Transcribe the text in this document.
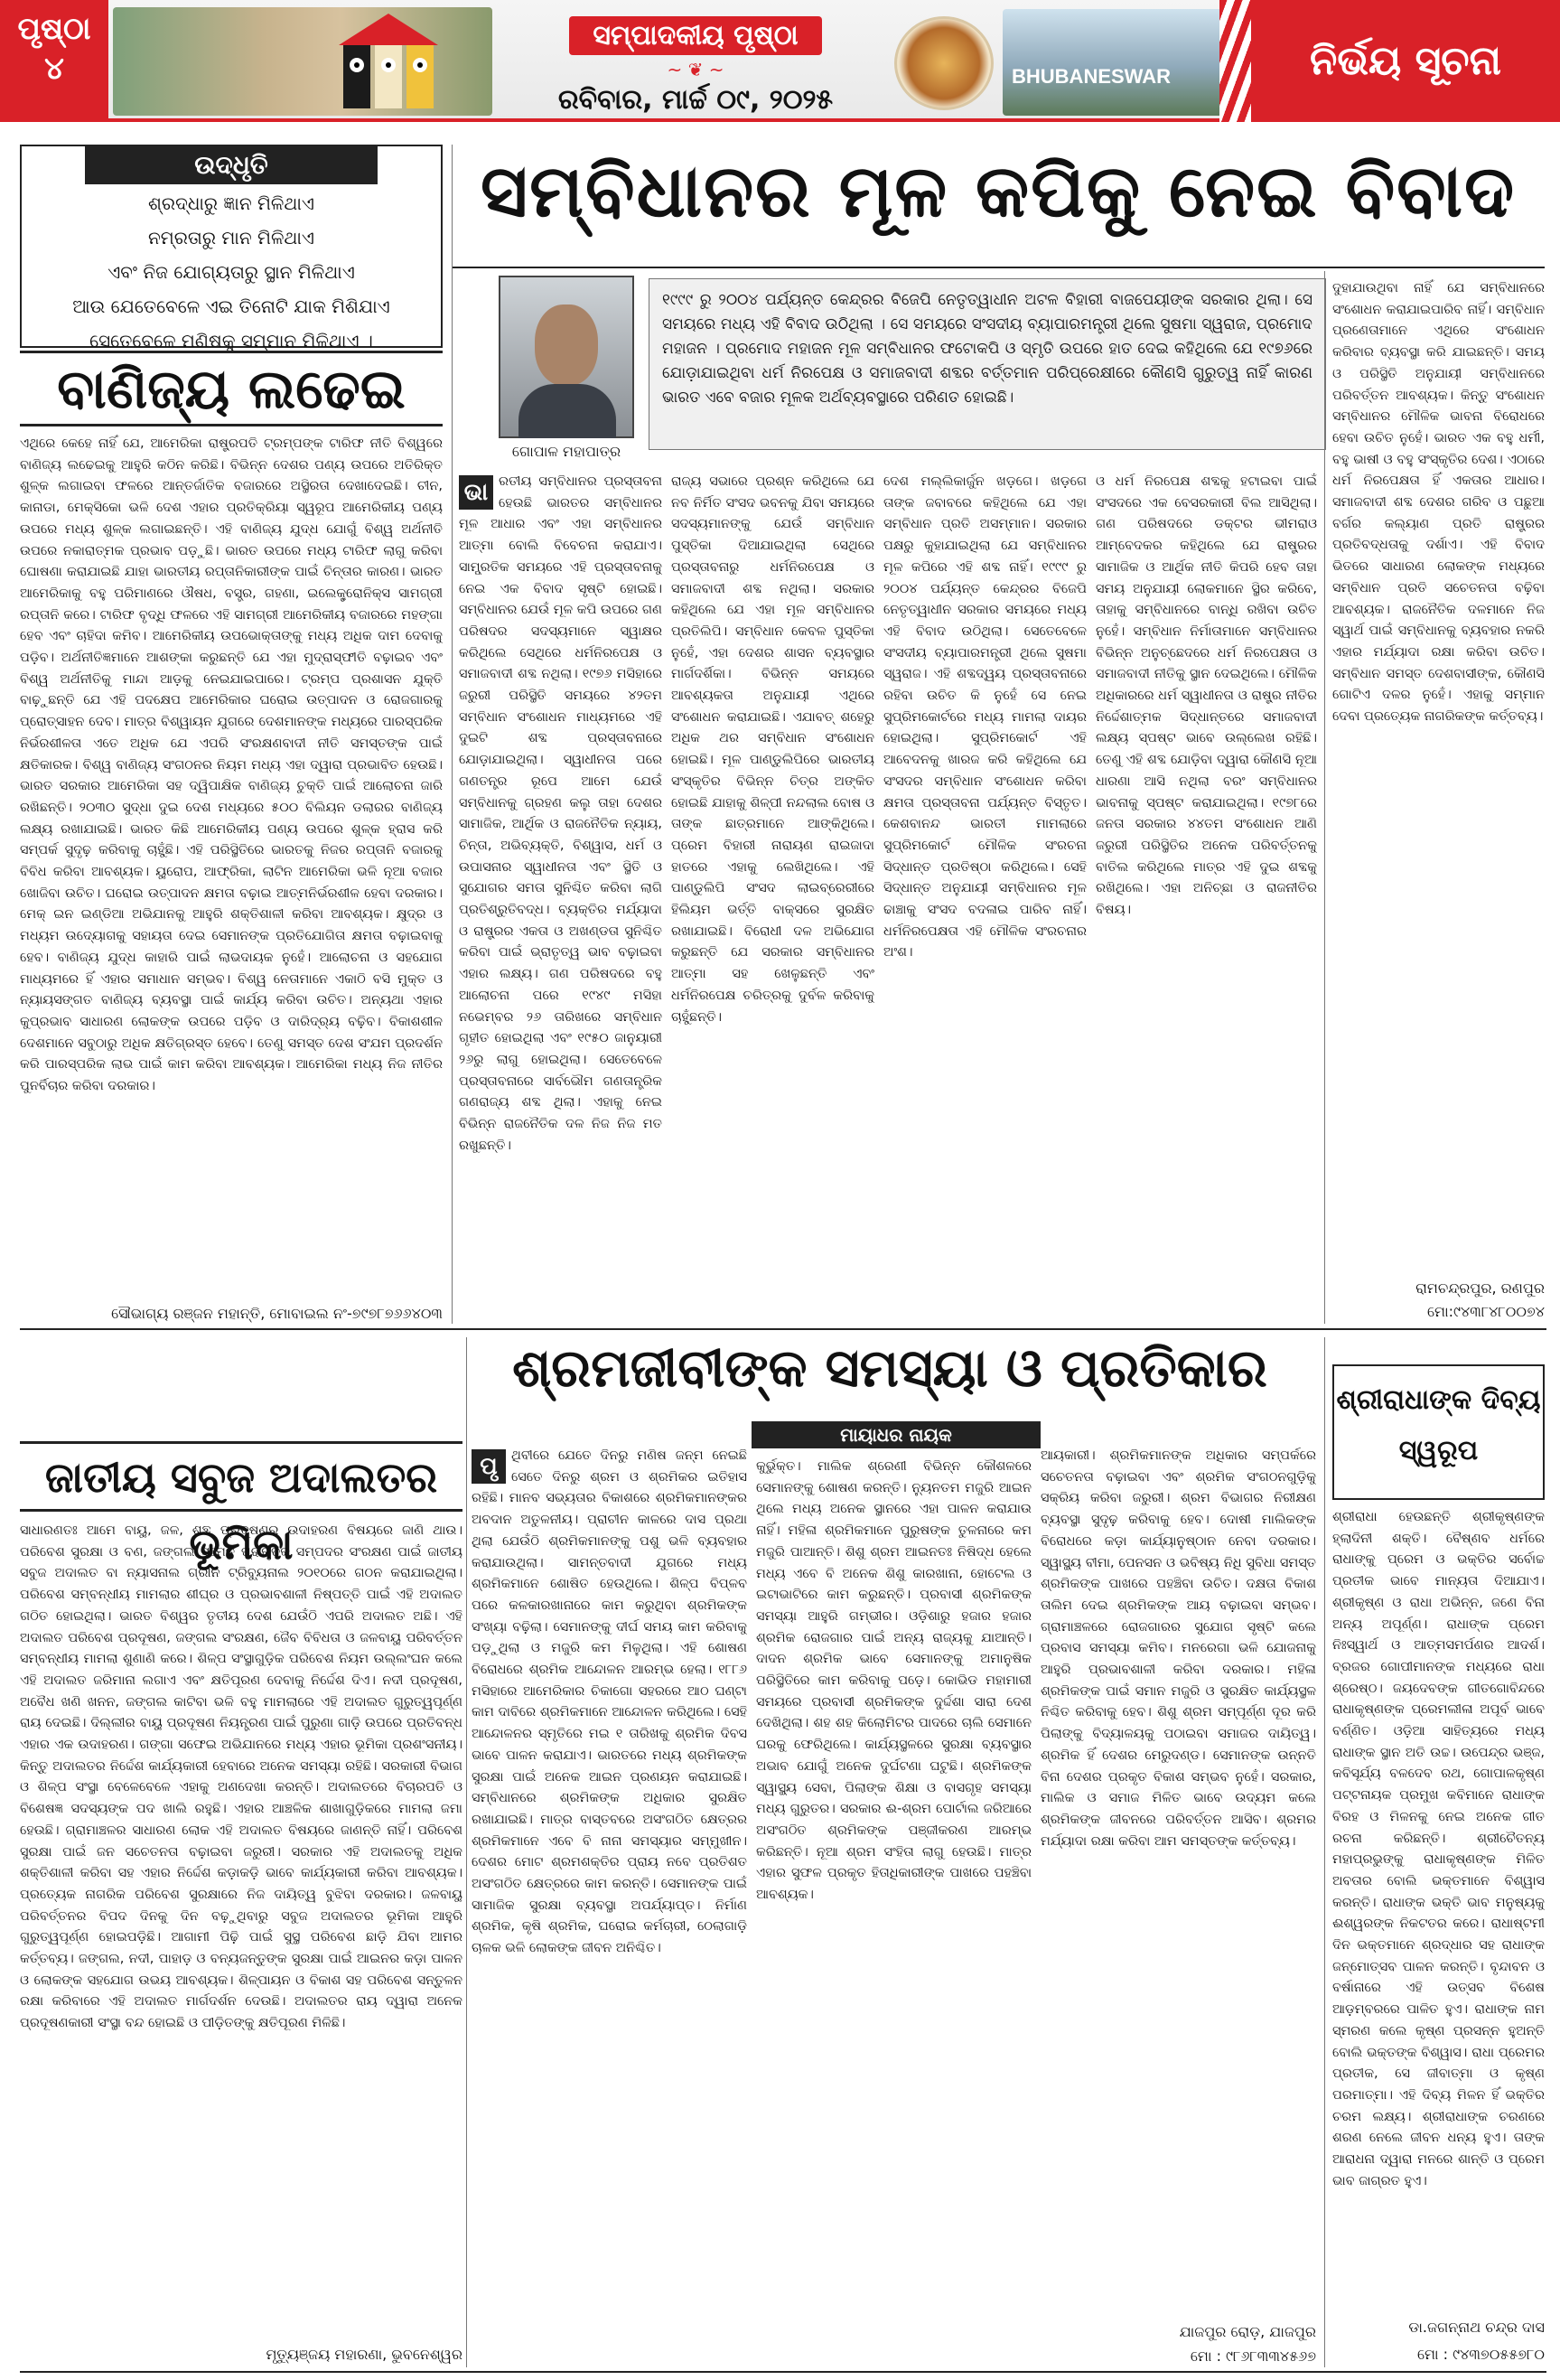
ପୃଷ୍ଠା
୪
ସମ୍ପାଦକୀୟ ପୃଷ୍ଠା
~ ❦ ~
ରବିବାର, ମାର୍ଚ୍ଚ ୦୯, ୨୦୨୫
BHUBANESWAR	ନିର୍ଭୟ ସୂଚନା
ଉଦ୍ଧୃତି
ଶ୍ରଦ୍ଧାରୁ ଜ୍ଞାନ ମିଳିଥାଏ
ନମ୍ରତାରୁ ମାନ ମିଳିଥାଏ
ଏବଂ ନିଜ ଯୋଗ୍ୟତାରୁ ସ୍ଥାନ ମିଳିଥାଏ
ଆଉ ଯେତେବେଳେ ଏଇ ତିନୋଟି ଯାକ ମିଶିଯାଏ
ସେତେବେଳେ ମଣିଷକୁ ସମ୍ମାନ ମିଳିଥାଏ ।
ସମ୍ବିଧାନର ମୂଳ କପିକୁ ନେଇ ବିବାଦ
ବାଣିଜ୍ୟ ଲଢେଇ

ଏଥିରେ କେହେ ନାହିଁ ଯେ, ଆମେରିକା ରାଷ୍ଟ୍ରପତି ଟ୍ରମ୍ପଙ୍କ ଟାରିଫ ନୀତି ବିଶ୍ୱରେ ବାଣିଜ୍ୟ ଲଢେଇକୁ ଆହୁରି କଠିନ କରିଛି। ବିଭିନ୍ନ ଦେଶର ପଣ୍ୟ ଉପରେ ଅତିରିକ୍ତ ଶୁଳ୍କ ଲଗାଇବା ଫଳରେ ଆନ୍ତର୍ଜାତିକ ବଜାରରେ ଅସ୍ଥିରତା ଦେଖାଦେଇଛି। ଚୀନ, କାନାଡା, ମେକ୍ସିକୋ ଭଳି ଦେଶ ଏହାର ପ୍ରତିକ୍ରିୟା ସ୍ୱରୂପ ଆମେରିକୀୟ ପଣ୍ୟ ଉପରେ ମଧ୍ୟ ଶୁଳ୍କ ଲଗାଇଛନ୍ତି। ଏହି ବାଣିଜ୍ୟ ଯୁଦ୍ଧ ଯୋଗୁଁ ବିଶ୍ୱ ଅର୍ଥନୀତି ଉପରେ ନକାରାତ୍ମକ ପ୍ରଭାବ ପଡ଼ୁଛି। ଭାରତ ଉପରେ ମଧ୍ୟ ଟାରିଫ ଲାଗୁ କରିବା ଘୋଷଣା କରାଯାଇଛି ଯାହା ଭାରତୀୟ ରପ୍ତାନିକାରୀଙ୍କ ପାଇଁ ଚିନ୍ତାର କାରଣ। ଭାରତ ଆମେରିକାକୁ ବହୁ ପରିମାଣରେ ଔଷଧ, ବସ୍ତ୍ର, ଗହଣା, ଇଲେକ୍ଟ୍ରୋନିକ୍ସ ସାମଗ୍ରୀ ରପ୍ତାନି କରେ। ଟାରିଫ ବୃଦ୍ଧି ଫଳରେ ଏହି ସାମଗ୍ରୀ ଆମେରିକୀୟ ବଜାରରେ ମହଙ୍ଗା ହେବ ଏବଂ ଚାହିଦା କମିବ। ଆମେରିକୀୟ ଉପଭୋକ୍ତାଙ୍କୁ ମଧ୍ୟ ଅଧିକ ଦାମ ଦେବାକୁ ପଡ଼ିବ। ଅର୍ଥନୀତିଜ୍ଞମାନେ ଆଶଙ୍କା କରୁଛନ୍ତି ଯେ ଏହା ମୁଦ୍ରାସ୍ଫୀତି ବଢ଼ାଇବ ଏବଂ ବିଶ୍ୱ ଅର୍ଥନୀତିକୁ ମାନ୍ଦା ଆଡ଼କୁ ନେଇଯାଇପାରେ। ଟ୍ରମ୍ପ ପ୍ରଶାସନ ଯୁକ୍ତି ବାଢ଼ୁଛନ୍ତି ଯେ ଏହି ପଦକ୍ଷେପ ଆମେରିକାର ଘରୋଇ ଉତ୍ପାଦନ ଓ ରୋଜଗାରକୁ ପ୍ରୋତ୍ସାହନ ଦେବ। ମାତ୍ର ବିଶ୍ୱାୟନ ଯୁଗରେ ଦେଶମାନଙ୍କ ମଧ୍ୟରେ ପାରସ୍ପରିକ ନିର୍ଭରଶୀଳତା ଏତେ ଅଧିକ ଯେ ଏପରି ସଂରକ୍ଷଣବାଦୀ ନୀତି ସମସ୍ତଙ୍କ ପାଇଁ କ୍ଷତିକାରକ। ବିଶ୍ୱ ବାଣିଜ୍ୟ ସଂଗଠନର ନିୟମ ମଧ୍ୟ ଏହା ଦ୍ୱାରା ପ୍ରଭାବିତ ହେଉଛି। ଭାରତ ସରକାର ଆମେରିକା ସହ ଦ୍ୱିପାକ୍ଷିକ ବାଣିଜ୍ୟ ଚୁକ୍ତି ପାଇଁ ଆଲୋଚନା ଜାରି ରଖିଛନ୍ତି। ୨୦୩୦ ସୁଦ୍ଧା ଦୁଇ ଦେଶ ମଧ୍ୟରେ ୫୦୦ ବିଲିୟନ ଡଲାରର ବାଣିଜ୍ୟ ଲକ୍ଷ୍ୟ ରଖାଯାଇଛି। ଭାରତ କିଛି ଆମେରିକୀୟ ପଣ୍ୟ ଉପରେ ଶୁଳ୍କ ହ୍ରାସ କରି ସମ୍ପର୍କ ସୁଦୃଢ଼ କରିବାକୁ ଚାହୁଁଛି। ଏହି ପରିସ୍ଥିତିରେ ଭାରତକୁ ନିଜର ରପ୍ତାନି ବଜାରକୁ ବିବିଧ କରିବା ଆବଶ୍ୟକ। ୟୁରୋପ, ଆଫ୍ରିକା, ଲାଟିନ ଆମେରିକା ଭଳି ନୂଆ ବଜାର ଖୋଜିବା ଉଚିତ। ଘରୋଇ ଉତ୍ପାଦନ କ୍ଷମତା ବଢ଼ାଇ ଆତ୍ମନିର୍ଭରଶୀଳ ହେବା ଦରକାର। ମେକ୍ ଇନ ଇଣ୍ଡିଆ ଅଭିଯାନକୁ ଆହୁରି ଶକ୍ତିଶାଳୀ କରିବା ଆବଶ୍ୟକ। କ୍ଷୁଦ୍ର ଓ ମଧ୍ୟମ ଉଦ୍ୟୋଗକୁ ସହାୟତା ଦେଇ ସେମାନଙ୍କ ପ୍ରତିଯୋଗିତା କ୍ଷମତା ବଢ଼ାଇବାକୁ ହେବ। ବାଣିଜ୍ୟ ଯୁଦ୍ଧ କାହାରି ପାଇଁ ଲାଭଦାୟକ ନୁହେଁ। ଆଲୋଚନା ଓ ସହଯୋଗ ମାଧ୍ୟମରେ ହିଁ ଏହାର ସମାଧାନ ସମ୍ଭବ। ବିଶ୍ୱ ନେତାମାନେ ଏକାଠି ବସି ମୁକ୍ତ ଓ ନ୍ୟାୟସଙ୍ଗତ ବାଣିଜ୍ୟ ବ୍ୟବସ୍ଥା ପାଇଁ କାର୍ଯ୍ୟ କରିବା ଉଚିତ। ଅନ୍ୟଥା ଏହାର କୁପ୍ରଭାବ ସାଧାରଣ ଲୋକଙ୍କ ଉପରେ ପଡ଼ିବ ଓ ଦାରିଦ୍ର୍ୟ ବଢ଼ିବ। ବିକାଶଶୀଳ ଦେଶମାନେ ସବୁଠାରୁ ଅଧିକ କ୍ଷତିଗ୍ରସ୍ତ ହେବେ। ତେଣୁ ସମସ୍ତ ଦେଶ ସଂଯମ ପ୍ରଦର୍ଶନ କରି ପାରସ୍ପରିକ ଲାଭ ପାଇଁ କାମ କରିବା ଆବଶ୍ୟକ। ଆମେରିକା ମଧ୍ୟ ନିଜ ନୀତିର ପୁନର୍ବିଚାର କରିବା ଦରକାର।

ସୌଭାଗ୍ୟ ରଞ୍ଜନ ମହାନ୍ତି, ମୋବାଇଲ ନଂ-୭୯୭୮୭୬୬୪୦୩
ଗୋପାଳ ମହାପାତ୍ର
୧୯୯୯ ରୁ ୨୦୦୪ ପର୍ଯ୍ୟନ୍ତ କେନ୍ଦ୍ରର ବିଜେପି ନେତୃତ୍ୱାଧୀନ ଅଟଳ ବିହାରୀ ବାଜପେୟୀଙ୍କ ସରକାର ଥିଲା। ସେ ସମୟରେ ମଧ୍ୟ ଏହି ବିବାଦ ଉଠିଥିଲା । ସେ ସମୟରେ ସଂସଦୀୟ ବ୍ୟାପାରମନ୍ତ୍ରୀ ଥିଲେ ସୁଷମା ସ୍ୱରାଜ, ପ୍ରମୋଦ ମହାଜନ । ପ୍ରମୋଦ ମହାଜନ ମୂଳ ସମ୍ବିଧାନର ଫଟୋକପି ଓ ସ୍ମୃତି ଉପରେ ହାତ ଦେଇ କହିଥିଲେ ଯେ ୧୯୭୬ରେ ଯୋଡ଼ାଯାଇଥିବା ଧର୍ମ ନିରପେକ୍ଷ ଓ ସମାଜବାଦୀ ଶବ୍ଦର ବର୍ତ୍ତମାନ ପରିପ୍ରେକ୍ଷୀରେ କୌଣସି ଗୁରୁତ୍ୱ ନାହିଁ କାରଣ ଭାରତ ଏବେ ବଜାର ମୂଳକ ଅର୍ଥବ୍ୟବସ୍ଥାରେ ପରିଣତ ହୋଇଛି।
ଭା ରତୀୟ ସମ୍ବିଧାନର ପ୍ରସ୍ତାବନା ହେଉଛି ଭାରତର ସମ୍ବିଧାନର ମୂଳ ଆଧାର ଏବଂ ଏହା ସମ୍ବିଧାନର ଆତ୍ମା ବୋଲି ବିବେଚନା କରାଯାଏ। ସାମ୍ପ୍ରତିକ ସମୟରେ ଏହି ପ୍ରସ୍ତାବନାକୁ ନେଇ ଏକ ବିବାଦ ସୃଷ୍ଟି ହୋଇଛି। ସମ୍ବିଧାନର ଯେଉଁ ମୂଳ କପି ଉପରେ ଗଣ ପରିଷଦର ସଦସ୍ୟମାନେ ସ୍ୱାକ୍ଷର କରିଥିଲେ ସେଥିରେ ଧର୍ମନିରପେକ୍ଷ ଓ ସମାଜବାଦୀ ଶବ୍ଦ ନଥିଲା। ୧୯୭୬ ମସିହାରେ ଜରୁରୀ ପରିସ୍ଥିତି ସମୟରେ ୪୨ତମ ସମ୍ବିଧାନ ସଂଶୋଧନ ମାଧ୍ୟମରେ ଏହି ଦୁଇଟି ଶବ୍ଦ ପ୍ରସ୍ତାବନାରେ ଯୋଡ଼ାଯାଇଥିଲା। ସ୍ୱାଧୀନତା ପରେ ଗଣତନ୍ତ୍ର ରୂପେ ଆମେ ଯେଉଁ ସମ୍ବିଧାନକୁ ଗ୍ରହଣ କଲୁ ତାହା ଦେଶର ସାମାଜିକ, ଆର୍ଥିକ ଓ ରାଜନୈତିକ ନ୍ୟାୟ, ଚିନ୍ତା, ଅଭିବ୍ୟକ୍ତି, ବିଶ୍ୱାସ, ଧର୍ମ ଓ ଉପାସନାର ସ୍ୱାଧୀନତା ଏବଂ ସ୍ଥିତି ଓ ସୁଯୋଗର ସମତା ସୁନିଶ୍ଚିତ କରିବା ଲାଗି ପ୍ରତିଶ୍ରୁତିବଦ୍ଧ। ବ୍ୟକ୍ତିର ମର୍ଯ୍ୟାଦା ଓ ରାଷ୍ଟ୍ରର ଏକତା ଓ ଅଖଣ୍ଡତା ସୁନିଶ୍ଚିତ କରିବା ପାଇଁ ଭ୍ରାତୃତ୍ୱ ଭାବ ବଢ଼ାଇବା ଏହାର ଲକ୍ଷ୍ୟ। ଗଣ ପରିଷଦରେ ବହୁ ଆଲୋଚନା ପରେ ୧୯୪୯ ମସିହା ନଭେମ୍ବର ୨୬ ତାରିଖରେ ସମ୍ବିଧାନ ଗୃହୀତ ହୋଇଥିଲା ଏବଂ ୧୯୫୦ ଜାନୁୟାରୀ ୨୬ରୁ ଲାଗୁ ହୋଇଥିଲା। ସେତେବେଳେ ପ୍ରସ୍ତାବନାରେ ସାର୍ବଭୌମ ଗଣତାନ୍ତ୍ରିକ ଗଣରାଜ୍ୟ ଶବ୍ଦ ଥିଲା। ଏହାକୁ ନେଇ ବିଭିନ୍ନ ରାଜନୈତିକ ଦଳ ନିଜ ନିଜ ମତ ରଖୁଛନ୍ତି।

ରାଜ୍ୟ ସଭାରେ ପ୍ରଶ୍ନ କରିଥିଲେ ଯେ ନବ ନିର୍ମିତ ସଂସଦ ଭବନକୁ ଯିବା ସମୟରେ ସଦସ୍ୟମାନଙ୍କୁ ଯେଉଁ ସମ୍ବିଧାନ ପୁସ୍ତିକା ଦିଆଯାଇଥିଲା ସେଥିରେ ପ୍ରସ୍ତାବନାରୁ ଧର୍ମନିରପେକ୍ଷ ଓ ସମାଜବାଦୀ ଶବ୍ଦ ନଥିଲା। ସରକାର କହିଥିଲେ ଯେ ଏହା ମୂଳ ସମ୍ବିଧାନର ପ୍ରତିଲିପି। ସମ୍ବିଧାନ କେବଳ ପୁସ୍ତିକା ନୁହେଁ, ଏହା ଦେଶର ଶାସନ ବ୍ୟବସ୍ଥାର ମାର୍ଗଦର୍ଶିକା। ବିଭିନ୍ନ ସମୟରେ ଆବଶ୍ୟକତା ଅନୁଯାୟୀ ଏଥିରେ ସଂଶୋଧନ କରାଯାଇଛି। ଏଯାବତ୍ ଶହେରୁ ଅଧିକ ଥର ସମ୍ବିଧାନ ସଂଶୋଧନ ହୋଇଛି। ମୂଳ ପାଣ୍ଡୁଲିପିରେ ଭାରତୀୟ ସଂସ୍କୃତିର ବିଭିନ୍ନ ଚିତ୍ର ଅଙ୍କିତ ହୋଇଛି ଯାହାକୁ ଶିଳ୍ପୀ ନନ୍ଦଲାଲ ବୋଷ ଓ ତାଙ୍କ ଛାତ୍ରମାନେ ଆଙ୍କିଥିଲେ। ପ୍ରେମ ବିହାରୀ ନାରାୟଣ ରାଇଜାଦା ହାତରେ ଏହାକୁ ଲେଖିଥିଲେ। ଏହି ପାଣ୍ଡୁଲିପି ସଂସଦ ଲାଇବ୍ରେରୀରେ ହିଲିୟମ ଭର୍ତ୍ତି ବାକ୍ସରେ ସୁରକ୍ଷିତ ରଖାଯାଇଛି। ବିରୋଧୀ ଦଳ ଅଭିଯୋଗ କରୁଛନ୍ତି ଯେ ସରକାର ସମ୍ବିଧାନର ଆତ୍ମା ସହ ଖେଳୁଛନ୍ତି ଏବଂ ଧର୍ମନିରପେକ୍ଷ ଚରିତ୍ରକୁ ଦୁର୍ବଳ କରିବାକୁ ଚାହୁଁଛନ୍ତି।

ଦେଶ ମଲ୍ଲିକାର୍ଜୁନ ଖଡ଼ଗେ। ଖଡ଼ଗେ ତାଙ୍କ ଜବାବରେ କହିଥିଲେ ଯେ ଏହା ସମ୍ବିଧାନ ପ୍ରତି ଅସମ୍ମାନ। ସରକାର ପକ୍ଷରୁ କୁହାଯାଇଥିଲା ଯେ ସମ୍ବିଧାନର ମୂଳ କପିରେ ଏହି ଶବ୍ଦ ନାହିଁ। ୧୯୯୯ ରୁ ୨୦୦୪ ପର୍ଯ୍ୟନ୍ତ କେନ୍ଦ୍ରର ବିଜେପି ନେତୃତ୍ୱାଧୀନ ସରକାର ସମୟରେ ମଧ୍ୟ ଏହି ବିବାଦ ଉଠିଥିଲା। ସେତେବେଳେ ସଂସଦୀୟ ବ୍ୟାପାରମନ୍ତ୍ରୀ ଥିଲେ ସୁଷମା ସ୍ୱରାଜ। ଏହି ଶବ୍ଦଦ୍ୱୟ ପ୍ରସ୍ତାବନାରେ ରହିବା ଉଚିତ କି ନୁହେଁ ସେ ନେଇ ସୁପ୍ରିମକୋର୍ଟରେ ମଧ୍ୟ ମାମଲା ଦାୟର ହୋଇଥିଲା। ସୁପ୍ରିମକୋର୍ଟ ଏହି ଆବେଦନକୁ ଖାରଜ କରି କହିଥିଲେ ଯେ ସଂସଦର ସମ୍ବିଧାନ ସଂଶୋଧନ କରିବା କ୍ଷମତା ପ୍ରସ୍ତାବନା ପର୍ଯ୍ୟନ୍ତ ବିସ୍ତୃତ। କେଶବାନନ୍ଦ ଭାରତୀ ମାମଲାରେ ସୁପ୍ରିମକୋର୍ଟ ମୌଳିକ ସଂରଚନା ସିଦ୍ଧାନ୍ତ ପ୍ରତିଷ୍ଠା କରିଥିଲେ। ସେହି ସିଦ୍ଧାନ୍ତ ଅନୁଯାୟୀ ସମ୍ବିଧାନର ମୂଳ ଢାଞ୍ଚାକୁ ସଂସଦ ବଦଳାଇ ପାରିବ ନାହିଁ। ଧର୍ମନିରପେକ୍ଷତା ଏହି ମୌଳିକ ସଂରଚନାର ଅଂଶ।

ଓ ଧର୍ମ ନିରପେକ୍ଷ ଶବ୍ଦକୁ ହଟାଇବା ପାଇଁ ସଂସଦରେ ଏକ ବେସରକାରୀ ବିଲ ଆସିଥିଲା। ଗଣ ପରିଷଦରେ ଡକ୍ଟର ଭୀମରାଓ ଆମ୍ବେଦକର କହିଥିଲେ ଯେ ରାଷ୍ଟ୍ରର ସାମାଜିକ ଓ ଆର୍ଥିକ ନୀତି କିପରି ହେବ ତାହା ସମୟ ଅନୁଯାୟୀ ଲୋକମାନେ ସ୍ଥିର କରିବେ, ତାହାକୁ ସମ୍ବିଧାନରେ ବାନ୍ଧି ରଖିବା ଉଚିତ ନୁହେଁ। ସମ୍ବିଧାନ ନିର୍ମାତାମାନେ ସମ୍ବିଧାନର ବିଭିନ୍ନ ଅନୁଚ୍ଛେଦରେ ଧର୍ମ ନିରପେକ୍ଷତା ଓ ସମାଜବାଦୀ ନୀତିକୁ ସ୍ଥାନ ଦେଇଥିଲେ। ମୌଳିକ ଅଧିକାରରେ ଧର୍ମ ସ୍ୱାଧୀନତା ଓ ରାଷ୍ଟ୍ର ନୀତିର ନିର୍ଦ୍ଦେଶାତ୍ମକ ସିଦ୍ଧାନ୍ତରେ ସମାଜବାଦୀ ଲକ୍ଷ୍ୟ ସ୍ପଷ୍ଟ ଭାବେ ଉଲ୍ଲେଖ ରହିଛି। ତେଣୁ ଏହି ଶବ୍ଦ ଯୋଡ଼ିବା ଦ୍ୱାରା କୌଣସି ନୂଆ ଧାରଣା ଆସି ନଥିଲା ବରଂ ସମ୍ବିଧାନର ଭାବନାକୁ ସ୍ପଷ୍ଟ କରାଯାଇଥିଲା। ୧୯୭୮ରେ ଜନତା ସରକାର ୪୪ତମ ସଂଶୋଧନ ଆଣି ଜରୁରୀ ପରିସ୍ଥିତିର ଅନେକ ପରିବର୍ତ୍ତନକୁ ବାତିଲ କରିଥିଲେ ମାତ୍ର ଏହି ଦୁଇ ଶବ୍ଦକୁ ରଖିଥିଲେ। ଏହା ଅନିଚ୍ଛା ଓ ରାଜନୀତିର ବିଷୟ।

ଦୁହାଯାଉଥିବା ନାହିଁ ଯେ ସମ୍ବିଧାନରେ ସଂଶୋଧନ କରାଯାଇପାରିବ ନାହିଁ। ସମ୍ବିଧାନ ପ୍ରଣେତାମାନେ ଏଥିରେ ସଂଶୋଧନ କରିବାର ବ୍ୟବସ୍ଥା କରି ଯାଇଛନ୍ତି। ସମୟ ଓ ପରିସ୍ଥିତି ଅନୁଯାୟୀ ସମ୍ବିଧାନରେ ପରିବର୍ତ୍ତନ ଆବଶ୍ୟକ। କିନ୍ତୁ ସଂଶୋଧନ ସମ୍ବିଧାନର ମୌଳିକ ଭାବନା ବିରୋଧରେ ହେବା ଉଚିତ ନୁହେଁ। ଭାରତ ଏକ ବହୁ ଧର୍ମୀ, ବହୁ ଭାଷୀ ଓ ବହୁ ସଂସ୍କୃତିର ଦେଶ। ଏଠାରେ ଧର୍ମ ନିରପେକ୍ଷତା ହିଁ ଏକତାର ଆଧାର। ସମାଜବାଦୀ ଶବ୍ଦ ଦେଶର ଗରିବ ଓ ପଛୁଆ ବର୍ଗର କଲ୍ୟାଣ ପ୍ରତି ରାଷ୍ଟ୍ରର ପ୍ରତିବଦ୍ଧତାକୁ ଦର୍ଶାଏ। ଏହି ବିବାଦ ଭିତରେ ସାଧାରଣ ଲୋକଙ୍କ ମଧ୍ୟରେ ସମ୍ବିଧାନ ପ୍ରତି ସଚେତନତା ବଢ଼ିବା ଆବଶ୍ୟକ। ରାଜନୈତିକ ଦଳମାନେ ନିଜ ସ୍ୱାର୍ଥ ପାଇଁ ସମ୍ବିଧାନକୁ ବ୍ୟବହାର ନକରି ଏହାର ମର୍ଯ୍ୟାଦା ରକ୍ଷା କରିବା ଉଚିତ। ସମ୍ବିଧାନ ସମସ୍ତ ଦେଶବାସୀଙ୍କ, କୌଣସି ଗୋଟିଏ ଦଳର ନୁହେଁ। ଏହାକୁ ସମ୍ମାନ ଦେବା ପ୍ରତ୍ୟେକ ନାଗରିକଙ୍କ କର୍ତ୍ତବ୍ୟ।

ରାମଚନ୍ଦ୍ରପୁର, ରଣପୁର
ମୋ:୯୪୩୮୪୮୦୦୭୪
ଶ୍ରମଜୀବୀଙ୍କ ସମସ୍ୟା ଓ ପ୍ରତିକାର
ମାୟାଧର ନାୟକ
ପୃ	ଥିବୀରେ ଯେତେ ଦିନରୁ ମଣିଷ ଜନ୍ମ ନେଇଛି ସେତେ ଦିନରୁ ଶ୍ରମ ଓ ଶ୍ରମିକର ଇତିହାସ ରହିଛି। ମାନବ ସଭ୍ୟତାର ବିକାଶରେ ଶ୍ରମିକମାନଙ୍କର ଅବଦାନ ଅତୁଳନୀୟ। ପ୍ରାଚୀନ କାଳରେ ଦାସ ପ୍ରଥା ଥିଲା ଯେଉଁଠି ଶ୍ରମିକମାନଙ୍କୁ ପଶୁ ଭଳି ବ୍ୟବହାର କରାଯାଉଥିଲା। ସାମନ୍ତବାଦୀ ଯୁଗରେ ମଧ୍ୟ ଶ୍ରମିକମାନେ ଶୋଷିତ ହେଉଥିଲେ। ଶିଳ୍ପ ବିପ୍ଳବ ପରେ କଳକାରଖାନାରେ କାମ କରୁଥିବା ଶ୍ରମିକଙ୍କ ସଂଖ୍ୟା ବଢ଼ିଲା। ସେମାନଙ୍କୁ ଦୀର୍ଘ ସମୟ କାମ କରିବାକୁ ପଡ଼ୁଥିଲା ଓ ମଜୁରି କମ ମିଳୁଥିଲା। ଏହି ଶୋଷଣ ବିରୋଧରେ ଶ୍ରମିକ ଆନ୍ଦୋଳନ ଆରମ୍ଭ ହେଲା। ୧୮୮୬ ମସିହାରେ ଆମେରିକାର ଚିକାଗୋ ସହରରେ ଆଠ ଘଣ୍ଟା କାମ ଦାବିରେ ଶ୍ରମିକମାନେ ଆନ୍ଦୋଳନ କରିଥିଲେ। ସେହି ଆନ୍ଦୋଳନର ସ୍ମୃତିରେ ମଇ ୧ ତାରିଖକୁ ଶ୍ରମିକ ଦିବସ ଭାବେ ପାଳନ କରାଯାଏ। ଭାରତରେ ମଧ୍ୟ ଶ୍ରମିକଙ୍କ ସୁରକ୍ଷା ପାଇଁ ଅନେକ ଆଇନ ପ୍ରଣୟନ କରାଯାଇଛି। ସମ୍ବିଧାନରେ ଶ୍ରମିକଙ୍କ ଅଧିକାର ସୁରକ୍ଷିତ ରଖାଯାଇଛି। ମାତ୍ର ବାସ୍ତବରେ ଅସଂଗଠିତ କ୍ଷେତ୍ରର ଶ୍ରମିକମାନେ ଏବେ ବି ନାନା ସମସ୍ୟାର ସମ୍ମୁଖୀନ। ଦେଶର ମୋଟ ଶ୍ରମଶକ୍ତିର ପ୍ରାୟ ନବେ ପ୍ରତିଶତ ଅସଂଗଠିତ କ୍ଷେତ୍ରରେ କାମ କରନ୍ତି। ସେମାନଙ୍କ ପାଇଁ ସାମାଜିକ ସୁରକ୍ଷା ବ୍ୟବସ୍ଥା ଅପର୍ଯ୍ୟାପ୍ତ। ନିର୍ମାଣ ଶ୍ରମିକ, କୃଷି ଶ୍ରମିକ, ଘରୋଇ କର୍ମଚାରୀ, ଠେଲାଗାଡ଼ି ଚାଳକ ଭଳି ଲୋକଙ୍କ ଜୀବନ ଅନିଶ୍ଚିତ।

କୁର୍ଭୁକ୍ତ। ମାଲିକ ଶ୍ରେଣୀ ବିଭିନ୍ନ କୌଶଳରେ ସେମାନଙ୍କୁ ଶୋଷଣ କରନ୍ତି। ନ୍ୟୁନତମ ମଜୁରି ଆଇନ ଥିଲେ ମଧ୍ୟ ଅନେକ ସ୍ଥାନରେ ଏହା ପାଳନ କରାଯାଉ ନାହିଁ। ମହିଳା ଶ୍ରମିକମାନେ ପୁରୁଷଙ୍କ ତୁଳନାରେ କମ ମଜୁରି ପାଆନ୍ତି। ଶିଶୁ ଶ୍ରମ ଆଇନତଃ ନିଷିଦ୍ଧ ହେଲେ ମଧ୍ୟ ଏବେ ବି ଅନେକ ଶିଶୁ କାରଖାନା, ହୋଟେଲ ଓ ଇଟାଭାଟିରେ କାମ କରୁଛନ୍ତି। ପ୍ରବାସୀ ଶ୍ରମିକଙ୍କ ସମସ୍ୟା ଆହୁରି ଗମ୍ଭୀର। ଓଡ଼ିଶାରୁ ହଜାର ହଜାର ଶ୍ରମିକ ରୋଜଗାର ପାଇଁ ଅନ୍ୟ ରାଜ୍ୟକୁ ଯାଆନ୍ତି। ଦାଦନ ଶ୍ରମିକ ଭାବେ ସେମାନଙ୍କୁ ଅମାନୁଷିକ ପରିସ୍ଥିତିରେ କାମ କରିବାକୁ ପଡ଼େ। କୋଭିଡ ମହାମାରୀ ସମୟରେ ପ୍ରବାସୀ ଶ୍ରମିକଙ୍କ ଦୁର୍ଦ୍ଦଶା ସାରା ଦେଶ ଦେଖିଥିଲା। ଶହ ଶହ କିଲୋମିଟର ପାଦରେ ଚାଲି ସେମାନେ ଘରକୁ ଫେରିଥିଲେ। କାର୍ଯ୍ୟସ୍ଥଳରେ ସୁରକ୍ଷା ବ୍ୟବସ୍ଥାର ଅଭାବ ଯୋଗୁଁ ଅନେକ ଦୁର୍ଘଟଣା ଘଟୁଛି। ଶ୍ରମିକଙ୍କ ସ୍ୱାସ୍ଥ୍ୟ ସେବା, ପିଲାଙ୍କ ଶିକ୍ଷା ଓ ବାସଗୃହ ସମସ୍ୟା ମଧ୍ୟ ଗୁରୁତର। ସରକାର ଈ-ଶ୍ରମ ପୋର୍ଟାଲ ଜରିଆରେ ଅସଂଗଠିତ ଶ୍ରମିକଙ୍କ ପଞ୍ଜୀକରଣ ଆରମ୍ଭ କରିଛନ୍ତି। ନୂଆ ଶ୍ରମ ସଂହିତା ଲାଗୁ ହେଉଛି। ମାତ୍ର ଏହାର ସୁଫଳ ପ୍ରକୃତ ହିତାଧିକାରୀଙ୍କ ପାଖରେ ପହଞ୍ଚିବା ଆବଶ୍ୟକ।

ଆୟକାରୀ। ଶ୍ରମିକମାନଙ୍କ ଅଧିକାର ସମ୍ପର୍କରେ ସଚେତନତା ବଢ଼ାଇବା ଏବଂ ଶ୍ରମିକ ସଂଗଠନଗୁଡ଼ିକୁ ସକ୍ରିୟ କରିବା ଜରୁରୀ। ଶ୍ରମ ବିଭାଗର ନିରୀକ୍ଷଣ ବ୍ୟବସ୍ଥା ସୁଦୃଢ଼ କରିବାକୁ ହେବ। ଦୋଷୀ ମାଲିକଙ୍କ ବିରୋଧରେ କଡ଼ା କାର୍ଯ୍ୟାନୁଷ୍ଠାନ ନେବା ଦରକାର। ସ୍ୱାସ୍ଥ୍ୟ ବୀମା, ପେନସନ ଓ ଭବିଷ୍ୟ ନିଧି ସୁବିଧା ସମସ୍ତ ଶ୍ରମିକଙ୍କ ପାଖରେ ପହଞ୍ଚିବା ଉଚିତ। ଦକ୍ଷତା ବିକାଶ ତାଲିମ ଦେଇ ଶ୍ରମିକଙ୍କ ଆୟ ବଢ଼ାଇବା ସମ୍ଭବ। ଗ୍ରାମାଞ୍ଚଳରେ ରୋଜଗାରର ସୁଯୋଗ ସୃଷ୍ଟି କଲେ ପ୍ରବାସ ସମସ୍ୟା କମିବ। ମନରେଗା ଭଳି ଯୋଜନାକୁ ଆହୁରି ପ୍ରଭାବଶାଳୀ କରିବା ଦରକାର। ମହିଳା ଶ୍ରମିକଙ୍କ ପାଇଁ ସମାନ ମଜୁରି ଓ ସୁରକ୍ଷିତ କାର୍ଯ୍ୟସ୍ଥଳ ନିଶ୍ଚିତ କରିବାକୁ ହେବ। ଶିଶୁ ଶ୍ରମ ସମ୍ପୂର୍ଣ୍ଣ ଦୂର କରି ପିଲାଙ୍କୁ ବିଦ୍ୟାଳୟକୁ ପଠାଇବା ସମାଜର ଦାୟିତ୍ୱ। ଶ୍ରମିକ ହିଁ ଦେଶର ମେରୁଦଣ୍ଡ। ସେମାନଙ୍କ ଉନ୍ନତି ବିନା ଦେଶର ପ୍ରକୃତ ବିକାଶ ସମ୍ଭବ ନୁହେଁ। ସରକାର, ମାଲିକ ଓ ସମାଜ ମିଳିତ ଭାବେ ଉଦ୍ୟମ କଲେ ଶ୍ରମିକଙ୍କ ଜୀବନରେ ପରିବର୍ତ୍ତନ ଆସିବ। ଶ୍ରମର ମର୍ଯ୍ୟାଦା ରକ୍ଷା କରିବା ଆମ ସମସ୍ତଙ୍କ କର୍ତ୍ତବ୍ୟ।

ଯାଜପୁର ରୋଡ଼, ଯାଜପୁର
ମୋ : ୯୮୬୮୩୩୪୫୬୭
ଜାତୀୟ ସବୁଜ ଅଦାଲତର ଭୂମିକା

ସାଧାରଣତଃ ଆମେ ବାୟୁ, ଜଳ, ଶବ୍ଦ ପ୍ରଦୂଷଣର ଉଦାହରଣ ବିଷୟରେ ଜାଣି ଥାଉ। ପରିବେଶ ସୁରକ୍ଷା ଓ ବଣ, ଜଙ୍ଗଲ ସମେତ ପ୍ରାକୃତିକ ସମ୍ପଦର ସଂରକ୍ଷଣ ପାଇଁ ଜାତୀୟ ସବୁଜ ଅଦାଲତ ବା ନ୍ୟାସନାଲ ଗ୍ରୀନ ଟ୍ରିବ୍ୟୁନାଲ ୨୦୧୦ରେ ଗଠନ କରାଯାଇଥିଲା। ପରିବେଶ ସମ୍ବନ୍ଧୀୟ ମାମଲାର ଶୀଘ୍ର ଓ ପ୍ରଭାବଶାଳୀ ନିଷ୍ପତ୍ତି ପାଇଁ ଏହି ଅଦାଲତ ଗଠିତ ହୋଇଥିଲା। ଭାରତ ବିଶ୍ୱର ତୃତୀୟ ଦେଶ ଯେଉଁଠି ଏପରି ଅଦାଲତ ଅଛି। ଏହି ଅଦାଲତ ପରିବେଶ ପ୍ରଦୂଷଣ, ଜଙ୍ଗଲ ସଂରକ୍ଷଣ, ଜୈବ ବିବିଧତା ଓ ଜଳବାୟୁ ପରିବର୍ତ୍ତନ ସମ୍ବନ୍ଧୀୟ ମାମଲା ଶୁଣାଣି କରେ। ଶିଳ୍ପ ସଂସ୍ଥାଗୁଡ଼ିକ ପରିବେଶ ନିୟମ ଉଲ୍ଲଂଘନ କଲେ ଏହି ଅଦାଲତ ଜରିମାନା ଲଗାଏ ଏବଂ କ୍ଷତିପୂରଣ ଦେବାକୁ ନିର୍ଦ୍ଦେଶ ଦିଏ। ନଦୀ ପ୍ରଦୂଷଣ, ଅବୈଧ ଖଣି ଖନନ, ଜଙ୍ଗଲ କାଟିବା ଭଳି ବହୁ ମାମଲାରେ ଏହି ଅଦାଲତ ଗୁରୁତ୍ୱପୂର୍ଣ୍ଣ ରାୟ ଦେଇଛି। ଦିଲ୍ଲୀର ବାୟୁ ପ୍ରଦୂଷଣ ନିୟନ୍ତ୍ରଣ ପାଇଁ ପୁରୁଣା ଗାଡ଼ି ଉପରେ ପ୍ରତିବନ୍ଧ ଏହାର ଏକ ଉଦାହରଣ। ଗଙ୍ଗା ସଫେଇ ଅଭିଯାନରେ ମଧ୍ୟ ଏହାର ଭୂମିକା ପ୍ରଶଂସନୀୟ। କିନ୍ତୁ ଅଦାଲତର ନିର୍ଦ୍ଦେଶ କାର୍ଯ୍ୟକାରୀ ହେବାରେ ଅନେକ ସମସ୍ୟା ରହିଛି। ସରକାରୀ ବିଭାଗ ଓ ଶିଳ୍ପ ସଂସ୍ଥା ବେଳେବେଳେ ଏହାକୁ ଅଣଦେଖା କରନ୍ତି। ଅଦାଲତରେ ବିଚାରପତି ଓ ବିଶେଷଜ୍ଞ ସଦସ୍ୟଙ୍କ ପଦ ଖାଲି ରହୁଛି। ଏହାର ଆଞ୍ଚଳିକ ଶାଖାଗୁଡ଼ିକରେ ମାମଲା ଜମା ହେଉଛି। ଗ୍ରାମାଞ୍ଚଳର ସାଧାରଣ ଲୋକ ଏହି ଅଦାଲତ ବିଷୟରେ ଜାଣନ୍ତି ନାହିଁ। ପରିବେଶ ସୁରକ୍ଷା ପାଇଁ ଜନ ସଚେତନତା ବଢ଼ାଇବା ଜରୁରୀ। ସରକାର ଏହି ଅଦାଲତକୁ ଅଧିକ ଶକ୍ତିଶାଳୀ କରିବା ସହ ଏହାର ନିର୍ଦ୍ଦେଶ କଡ଼ାକଡ଼ି ଭାବେ କାର୍ଯ୍ୟକାରୀ କରିବା ଆବଶ୍ୟକ। ପ୍ରତ୍ୟେକ ନାଗରିକ ପରିବେଶ ସୁରକ୍ଷାରେ ନିଜ ଦାୟିତ୍ୱ ବୁଝିବା ଦରକାର। ଜଳବାୟୁ ପରିବର୍ତ୍ତନର ବିପଦ ଦିନକୁ ଦିନ ବଢ଼ୁଥିବାରୁ ସବୁଜ ଅଦାଲତର ଭୂମିକା ଆହୁରି ଗୁରୁତ୍ୱପୂର୍ଣ୍ଣ ହୋଇପଡ଼ିଛି। ଆଗାମୀ ପିଢ଼ି ପାଇଁ ସୁସ୍ଥ ପରିବେଶ ଛାଡ଼ି ଯିବା ଆମର କର୍ତ୍ତବ୍ୟ। ଜଙ୍ଗଲ, ନଦୀ, ପାହାଡ଼ ଓ ବନ୍ୟଜନ୍ତୁଙ୍କ ସୁରକ୍ଷା ପାଇଁ ଆଇନର କଡ଼ା ପାଳନ ଓ ଲୋକଙ୍କ ସହଯୋଗ ଉଭୟ ଆବଶ୍ୟକ। ଶିଳ୍ପାୟନ ଓ ବିକାଶ ସହ ପରିବେଶ ସନ୍ତୁଳନ ରକ୍ଷା କରିବାରେ ଏହି ଅଦାଲତ ମାର୍ଗଦର୍ଶନ ଦେଉଛି। ଅଦାଲତର ରାୟ ଦ୍ୱାରା ଅନେକ ପ୍ରଦୂଷଣକାରୀ ସଂସ୍ଥା ବନ୍ଦ ହୋଇଛି ଓ ପୀଡ଼ିତଙ୍କୁ କ୍ଷତିପୂରଣ ମିଳିଛି।

ମୃତ୍ୟୁଞ୍ଜୟ ମହାରଣା, ଭୁବନେଶ୍ୱର
ଶ୍ରୀରାଧାଙ୍କ ଦିବ୍ୟ ସ୍ୱରୂପ

ଶ୍ରୀରାଧା ହେଉଛନ୍ତି ଶ୍ରୀକୃଷ୍ଣଙ୍କ ହ୍ଲାଦିନୀ ଶକ୍ତି। ବୈଷ୍ଣବ ଧର୍ମରେ ରାଧାଙ୍କୁ ପ୍ରେମ ଓ ଭକ୍ତିର ସର୍ବୋଚ୍ଚ ପ୍ରତୀକ ଭାବେ ମାନ୍ୟତା ଦିଆଯାଏ। ଶ୍ରୀକୃଷ୍ଣ ଓ ରାଧା ଅଭିନ୍ନ, ଜଣେ ବିନା ଅନ୍ୟ ଅପୂର୍ଣ୍ଣ। ରାଧାଙ୍କ ପ୍ରେମ ନିଃସ୍ୱାର୍ଥ ଓ ଆତ୍ମସମର୍ପଣର ଆଦର୍ଶ। ବ୍ରଜର ଗୋପୀମାନଙ୍କ ମଧ୍ୟରେ ରାଧା ଶ୍ରେଷ୍ଠ। ଜୟଦେବଙ୍କ ଗୀତଗୋବିନ୍ଦରେ ରାଧାକୃଷ୍ଣଙ୍କ ପ୍ରେମଲୀଳା ଅପୂର୍ବ ଭାବେ ବର୍ଣ୍ଣିତ। ଓଡ଼ିଆ ସାହିତ୍ୟରେ ମଧ୍ୟ ରାଧାଙ୍କ ସ୍ଥାନ ଅତି ଉଚ୍ଚ। ଉପେନ୍ଦ୍ର ଭଞ୍ଜ, କବିସୂର୍ଯ୍ୟ ବଳଦେବ ରଥ, ଗୋପାଳକୃଷ୍ଣ ପଟ୍ଟନାୟକ ପ୍ରମୁଖ କବିମାନେ ରାଧାଙ୍କ ବିରହ ଓ ମିଳନକୁ ନେଇ ଅନେକ ଗୀତ ରଚନା କରିଛନ୍ତି। ଶ୍ରୀଚୈତନ୍ୟ ମହାପ୍ରଭୁଙ୍କୁ ରାଧାକୃଷ୍ଣଙ୍କ ମିଳିତ ଅବତାର ବୋଲି ଭକ୍ତମାନେ ବିଶ୍ୱାସ କରନ୍ତି। ରାଧାଙ୍କ ଭକ୍ତି ଭାବ ମନୁଷ୍ୟକୁ ଈଶ୍ୱରଙ୍କ ନିକଟତର କରେ। ରାଧାଷ୍ଟମୀ ଦିନ ଭକ୍ତମାନେ ଶ୍ରଦ୍ଧାର ସହ ରାଧାଙ୍କ ଜନ୍ମୋତ୍ସବ ପାଳନ କରନ୍ତି। ବୃନ୍ଦାବନ ଓ ବର୍ଷାନାରେ ଏହି ଉତ୍ସବ ବିଶେଷ ଆଡ଼ମ୍ବରରେ ପାଳିତ ହୁଏ। ରାଧାଙ୍କ ନାମ ସ୍ମରଣ କଲେ କୃଷ୍ଣ ପ୍ରସନ୍ନ ହୁଅନ୍ତି ବୋଲି ଭକ୍ତଙ୍କ ବିଶ୍ୱାସ। ରାଧା ପ୍ରେମର ପ୍ରତୀକ, ସେ ଜୀବାତ୍ମା ଓ କୃଷ୍ଣ ପରମାତ୍ମା। ଏହି ଦିବ୍ୟ ମିଳନ ହିଁ ଭକ୍ତିର ଚରମ ଲକ୍ଷ୍ୟ। ଶ୍ରୀରାଧାଙ୍କ ଚରଣରେ ଶରଣ ନେଲେ ଜୀବନ ଧନ୍ୟ ହୁଏ। ତାଙ୍କ ଆରାଧନା ଦ୍ୱାରା ମନରେ ଶାନ୍ତି ଓ ପ୍ରେମ ଭାବ ଜାଗ୍ରତ ହୁଏ।

ଡା.ଜଗନ୍ନାଥ ଚନ୍ଦ୍ର ଦାସ
ମୋ : ୯୪୩୭୦୫୫୭୮୦
